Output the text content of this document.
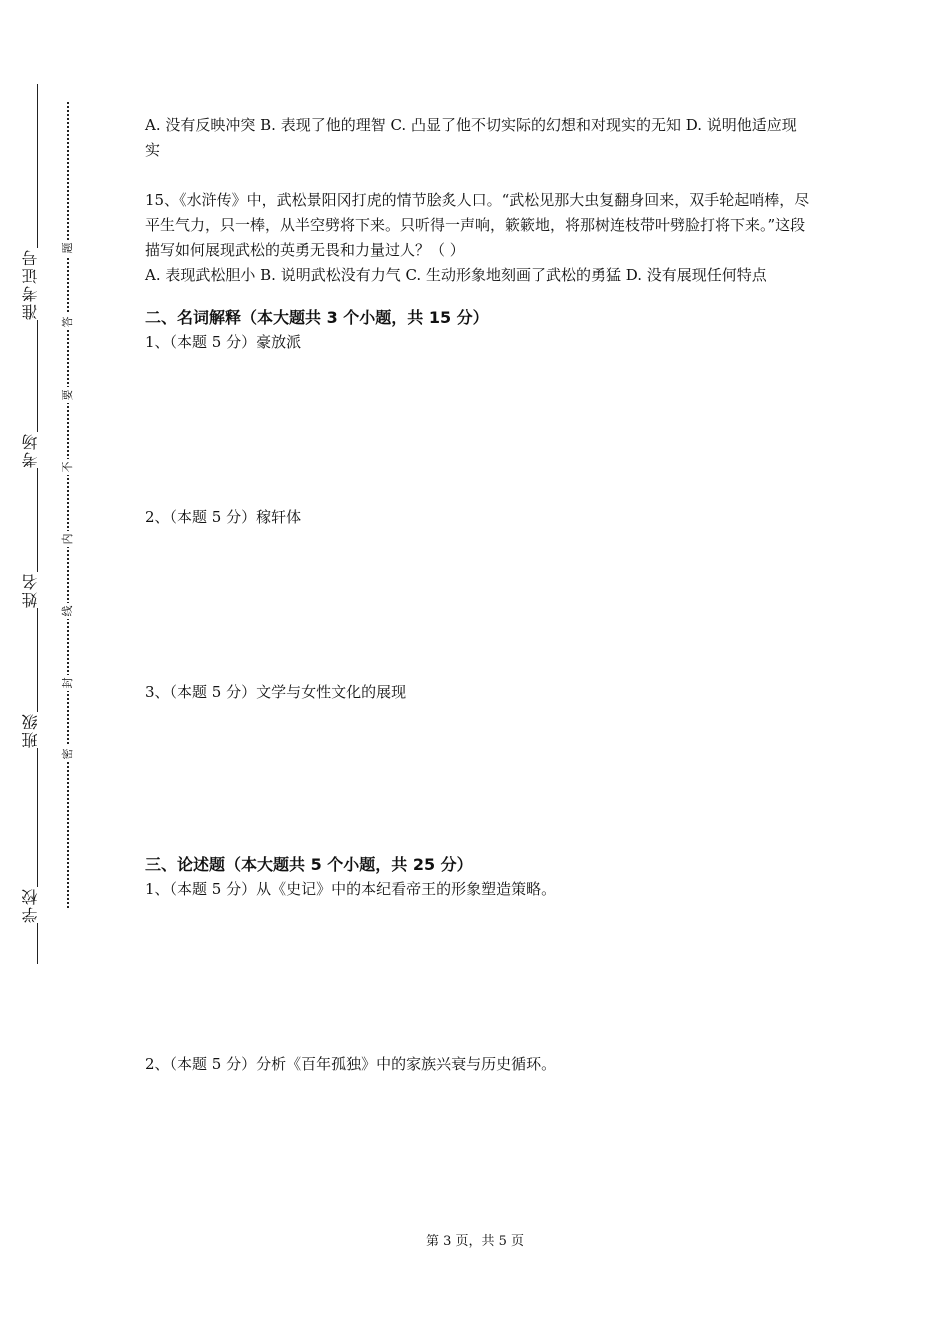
准考证号
考场
姓名
班级
学校
题
答
要
不
内
线
封
密

A. 没有反映冲突 B. 表现了他的理智 C. 凸显了他不切实际的幻想和对现实的无知 D. 说明他适应现实

15、《水浒传》中，武松景阳冈打虎的情节脍炙人口。“武松见那大虫复翻身回来，双手轮起哨棒，尽平生气力，只一棒，从半空劈将下来。只听得一声响，簌簌地，将那树连枝带叶劈脸打将下来。”这段描写如何展现武松的英勇无畏和力量过人？（ ）

A. 表现武松胆小 B. 说明武松没有力气 C. 生动形象地刻画了武松的勇猛 D. 没有展现任何特点

二、名词解释（本大题共 3 个小题，共 15 分）

1、（本题 5 分）豪放派

2、（本题 5 分）稼轩体

3、（本题 5 分）文学与女性文化的展现

三、论述题（本大题共 5 个小题，共 25 分）

1、（本题 5 分）从《史记》中的本纪看帝王的形象塑造策略。

2、（本题 5 分）分析《百年孤独》中的家族兴衰与历史循环。

第 3 页，共 5 页
